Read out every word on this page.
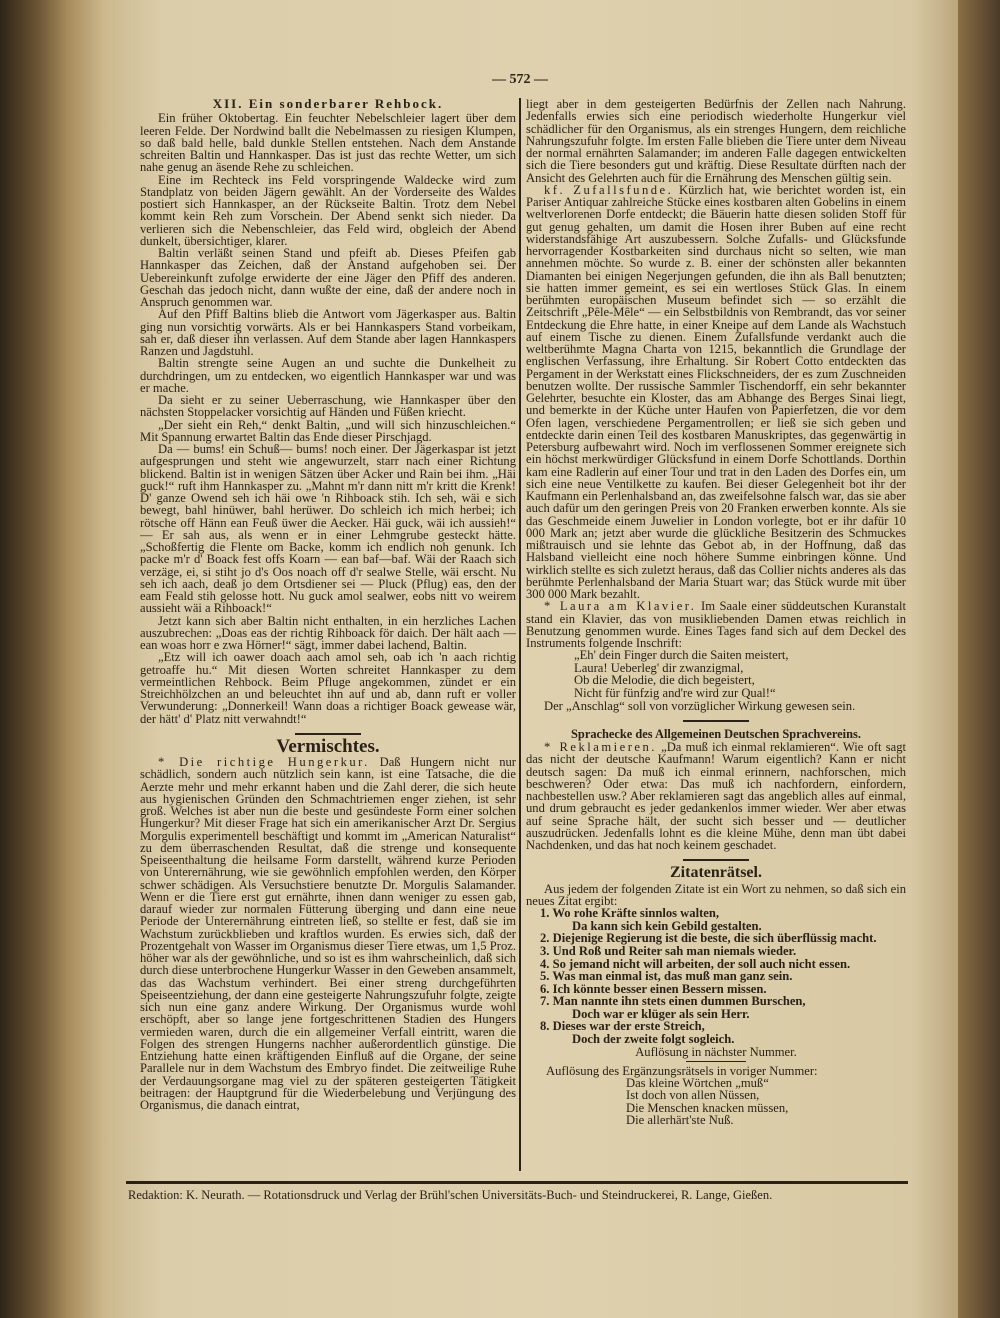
— 572 —
XII. Ein sonderbarer Rehbock.

Ein früher Oktobertag. Ein feuchter Nebelschleier lagert über dem leeren Felde. Der Nordwind ballt die Nebelmassen zu riesigen Klumpen, so daß bald helle, bald dunkle Stellen entstehen. Nach dem Anstande schreiten Baltin und Hannkasper. Das ist just das rechte Wetter, um sich nahe genug an äsende Rehe zu schleichen.

Eine im Rechteck ins Feld vorspringende Waldecke wird zum Standplatz von beiden Jägern gewählt. An der Vorderseite des Waldes postiert sich Hannkasper, an der Rückseite Baltin. Trotz dem Nebel kommt kein Reh zum Vorschein. Der Abend senkt sich nieder. Da verlieren sich die Nebenschleier, das Feld wird, obgleich der Abend dunkelt, übersichtiger, klarer.

Baltin verläßt seinen Stand und pfeift ab. Dieses Pfeifen gab Hannkasper das Zeichen, daß der Anstand aufgehoben sei. Der Uebereinkunft zufolge erwiderte der eine Jäger den Pfiff des anderen. Geschah das jedoch nicht, dann wußte der eine, daß der andere noch in Anspruch genommen war.

Auf den Pfiff Baltins blieb die Antwort vom Jägerkasper aus. Baltin ging nun vorsichtig vorwärts. Als er bei Hannkaspers Stand vorbeikam, sah er, daß dieser ihn verlassen. Auf dem Stande aber lagen Hannkaspers Ranzen und Jagdstuhl.

Baltin strengte seine Augen an und suchte die Dunkelheit zu durchdringen, um zu entdecken, wo eigentlich Hannkasper war und was er mache.

Da sieht er zu seiner Ueberraschung, wie Hannkasper über den nächsten Stoppelacker vorsichtig auf Händen und Füßen kriecht.

„Der sieht ein Reh,“ denkt Baltin, „und will sich hinzuschleichen.“ Mit Spannung erwartet Baltin das Ende dieser Pirschjagd.

Da — bums! ein Schuß— bums! noch einer. Der Jägerkaspar ist jetzt aufgesprungen und steht wie angewurzelt, starr nach einer Richtung blickend. Baltin ist in wenigen Sätzen über Acker und Rain bei ihm. „Häi guck!“ ruft ihm Hannkasper zu. „Mahnt m'r dann nitt m'r kritt die Krenk! D' ganze Owend seh ich häi owe 'n Rihboack stih. Ich seh, wäi e sich bewegt, bahl hinüwer, bahl herüwer. Do schleich ich mich herbei; ich rötsche off Hänn ean Feuß üwer die Aecker. Häi guck, wäi ich aussieh!“ — Er sah aus, als wenn er in einer Lehmgrube gesteckt hätte. „Schoßfertig die Flente om Backe, komm ich endlich noh genunk. Ich packe m'r d' Boack fest offs Koarn — ean baf—baf. Wäi der Raach sich verzäge, ei, si stiht jo d's Oos noach off d'r sealwe Stelle, wäi erscht. Nu seh ich aach, deaß jo dem Ortsdiener sei — Pluck (Pflug) eas, den der eam Feald stih gelosse hott. Nu guck amol sealwer, eobs nitt vo weirem aussieht wäi a Rihboack!“

Jetzt kann sich aber Baltin nicht enthalten, in ein herzliches Lachen auszubrechen: „Doas eas der richtig Rihboack för daich. Der hält aach — ean woas horr e zwa Hörner!“ sägt, immer dabei lachend, Baltin.

„Etz will ich oawer doach aach amol seh, oab ich 'n aach richtig getroaffe hu.“ Mit diesen Worten schreitet Hannkasper zu dem vermeintlichen Rehbock. Beim Pfluge angekommen, zündet er ein Streichhölzchen an und beleuchtet ihn auf und ab, dann ruft er voller Verwunderung: „Donnerkeil! Wann doas a richtiger Boack gewease wär, der hätt' d' Platz nitt verwahndt!“

Vermischtes.

* Die richtige Hungerkur. Daß Hungern nicht nur schädlich, sondern auch nützlich sein kann, ist eine Tatsache, die die Aerzte mehr und mehr erkannt haben und die Zahl derer, die sich heute aus hygienischen Gründen den Schmachtriemen enger ziehen, ist sehr groß. Welches ist aber nun die beste und gesündeste Form einer solchen Hungerkur? Mit dieser Frage hat sich ein amerikanischer Arzt Dr. Sergius Morgulis experimentell beschäftigt und kommt im „American Naturalist“ zu dem überraschenden Resultat, daß die strenge und konsequente Speiseenthaltung die heilsame Form darstellt, während kurze Perioden von Unterernährung, wie sie gewöhnlich empfohlen werden, den Körper schwer schädigen. Als Versuchstiere benutzte Dr. Morgulis Salamander. Wenn er die Tiere erst gut ernährte, ihnen dann weniger zu essen gab, darauf wieder zur normalen Fütterung überging und dann eine neue Periode der Unterernährung eintreten ließ, so stellte er fest, daß sie im Wachstum zurückblieben und kraftlos wurden. Es erwies sich, daß der Prozentgehalt von Wasser im Organismus dieser Tiere etwas, um 1,5 Proz. höher war als der gewöhnliche, und so ist es ihm wahrscheinlich, daß sich durch diese unterbrochene Hungerkur Wasser in den Geweben ansammelt, das das Wachstum verhindert. Bei einer streng durchgeführten Speiseentziehung, der dann eine gesteigerte Nahrungszufuhr folgte, zeigte sich nun eine ganz andere Wirkung. Der Organismus wurde wohl erschöpft, aber so lange jene fortgeschrittenen Stadien des Hungers vermieden waren, durch die ein allgemeiner Verfall eintritt, waren die Folgen des strengen Hungerns nachher außerordentlich günstige. Die Entziehung hatte einen kräftigenden Einfluß auf die Organe, der seine Parallele nur in dem Wachstum des Embryo findet. Die zeitweilige Ruhe der Verdauungsorgane mag viel zu der späteren gesteigerten Tätigkeit beitragen: der Hauptgrund für die Wiederbelebung und Verjüngung des Organismus, die danach eintrat,

liegt aber in dem gesteigerten Bedürfnis der Zellen nach Nahrung. Jedenfalls erwies sich eine periodisch wiederholte Hungerkur viel schädlicher für den Organismus, als ein strenges Hungern, dem reichliche Nahrungszufuhr folgte. Im ersten Falle blieben die Tiere unter dem Niveau der normal ernährten Salamander; im anderen Falle dagegen entwickelten sich die Tiere besonders gut und kräftig. Diese Resultate dürften nach der Ansicht des Gelehrten auch für die Ernährung des Menschen gültig sein.

kf. Zufallsfunde. Kürzlich hat, wie berichtet worden ist, ein Pariser Antiquar zahlreiche Stücke eines kostbaren alten Gobelins in einem weltverlorenen Dorfe entdeckt; die Bäuerin hatte diesen soliden Stoff für gut genug gehalten, um damit die Hosen ihrer Buben auf eine recht widerstandsfähige Art auszubessern. Solche Zufalls- und Glücksfunde hervorragender Kostbarkeiten sind durchaus nicht so selten, wie man annehmen möchte. So wurde z. B. einer der schönsten aller bekannten Diamanten bei einigen Negerjungen gefunden, die ihn als Ball benutzten; sie hatten immer gemeint, es sei ein wertloses Stück Glas. In einem berühmten europäischen Museum befindet sich — so erzählt die Zeitschrift „Pêle-Mêle“ — ein Selbstbildnis von Rembrandt, das vor seiner Entdeckung die Ehre hatte, in einer Kneipe auf dem Lande als Wachstuch auf einem Tische zu dienen. Einem Zufallsfunde verdankt auch die weltberühmte Magna Charta von 1215, bekanntlich die Grundlage der englischen Verfassung, ihre Erhaltung. Sir Robert Cotto entdeckten das Pergament in der Werkstatt eines Flickschneiders, der es zum Zuschneiden benutzen wollte. Der russische Sammler Tischendorff, ein sehr bekannter Gelehrter, besuchte ein Kloster, das am Abhange des Berges Sinai liegt, und bemerkte in der Küche unter Haufen von Papierfetzen, die vor dem Ofen lagen, verschiedene Pergamentrollen; er ließ sie sich geben und entdeckte darin einen Teil des kostbaren Manuskriptes, das gegenwärtig in Petersburg aufbewahrt wird. Noch im verflossenen Sommer ereignete sich ein höchst merkwürdiger Glücksfund in einem Dorfe Schottlands. Dorthin kam eine Radlerin auf einer Tour und trat in den Laden des Dorfes ein, um sich eine neue Ventilkette zu kaufen. Bei dieser Gelegenheit bot ihr der Kaufmann ein Perlenhalsband an, das zweifelsohne falsch war, das sie aber auch dafür um den geringen Preis von 20 Franken erwerben konnte. Als sie das Geschmeide einem Juwelier in London vorlegte, bot er ihr dafür 10 000 Mark an; jetzt aber wurde die glückliche Besitzerin des Schmuckes mißtrauisch und sie lehnte das Gebot ab, in der Hoffnung, daß das Halsband vielleicht eine noch höhere Summe einbringen könne. Und wirklich stellte es sich zuletzt heraus, daß das Collier nichts anderes als das berühmte Perlenhalsband der Maria Stuart war; das Stück wurde mit über 300 000 Mark bezahlt.

* Laura am Klavier. Im Saale einer süddeutschen Kuranstalt stand ein Klavier, das von musikliebenden Damen etwas reichlich in Benutzung genommen wurde. Eines Tages fand sich auf dem Deckel des Instruments folgende Inschrift:

„Eh' dein Finger durch die Saiten meistert,
Laura! Ueberleg' dir zwanzigmal,
Ob die Melodie, die dich begeistert,
Nicht für fünfzig and're wird zur Qual!“

Der „Anschlag“ soll von vorzüglicher Wirkung gewesen sein.

Sprachecke des Allgemeinen Deutschen Sprachvereins.

* Reklamieren. „Da muß ich einmal reklamieren“. Wie oft sagt das nicht der deutsche Kaufmann! Warum eigentlich? Kann er nicht deutsch sagen: Da muß ich einmal erinnern, nachforschen, mich beschweren? Oder etwa: Das muß ich nachfordern, einfordern, nachbestellen usw.? Aber reklamieren sagt das angeblich alles auf einmal, und drum gebraucht es jeder gedankenlos immer wieder. Wer aber etwas auf seine Sprache hält, der sucht sich besser und — deutlicher auszudrücken. Jedenfalls lohnt es die kleine Mühe, denn man übt dabei Nachdenken, und das hat noch keinem geschadet.

Zitatenrätsel.

Aus jedem der folgenden Zitate ist ein Wort zu nehmen, so daß sich ein neues Zitat ergibt:

1. Wo rohe Kräfte sinnlos walten,
Da kann sich kein Gebild gestalten.
2. Diejenige Regierung ist die beste, die sich überflüssig macht.
3. Und Roß und Reiter sah man niemals wieder.
4. So jemand nicht will arbeiten, der soll auch nicht essen.
5. Was man einmal ist, das muß man ganz sein.
6. Ich könnte besser einen Bessern missen.
7. Man nannte ihn stets einen dummen Burschen,
Doch war er klüger als sein Herr.
8. Dieses war der erste Streich,
Doch der zweite folgt sogleich.
Auflösung in nächster Nummer.
Auflösung des Ergänzungsrätsels in voriger Nummer:
Das kleine Wörtchen „muß“
Ist doch von allen Nüssen,
Die Menschen knacken müssen,
Die allerhärt'ste Nuß.
Redaktion: K. Neurath. — Rotationsdruck und Verlag der Brühl'schen Universitäts-Buch- und Steindruckerei, R. Lange, Gießen.
